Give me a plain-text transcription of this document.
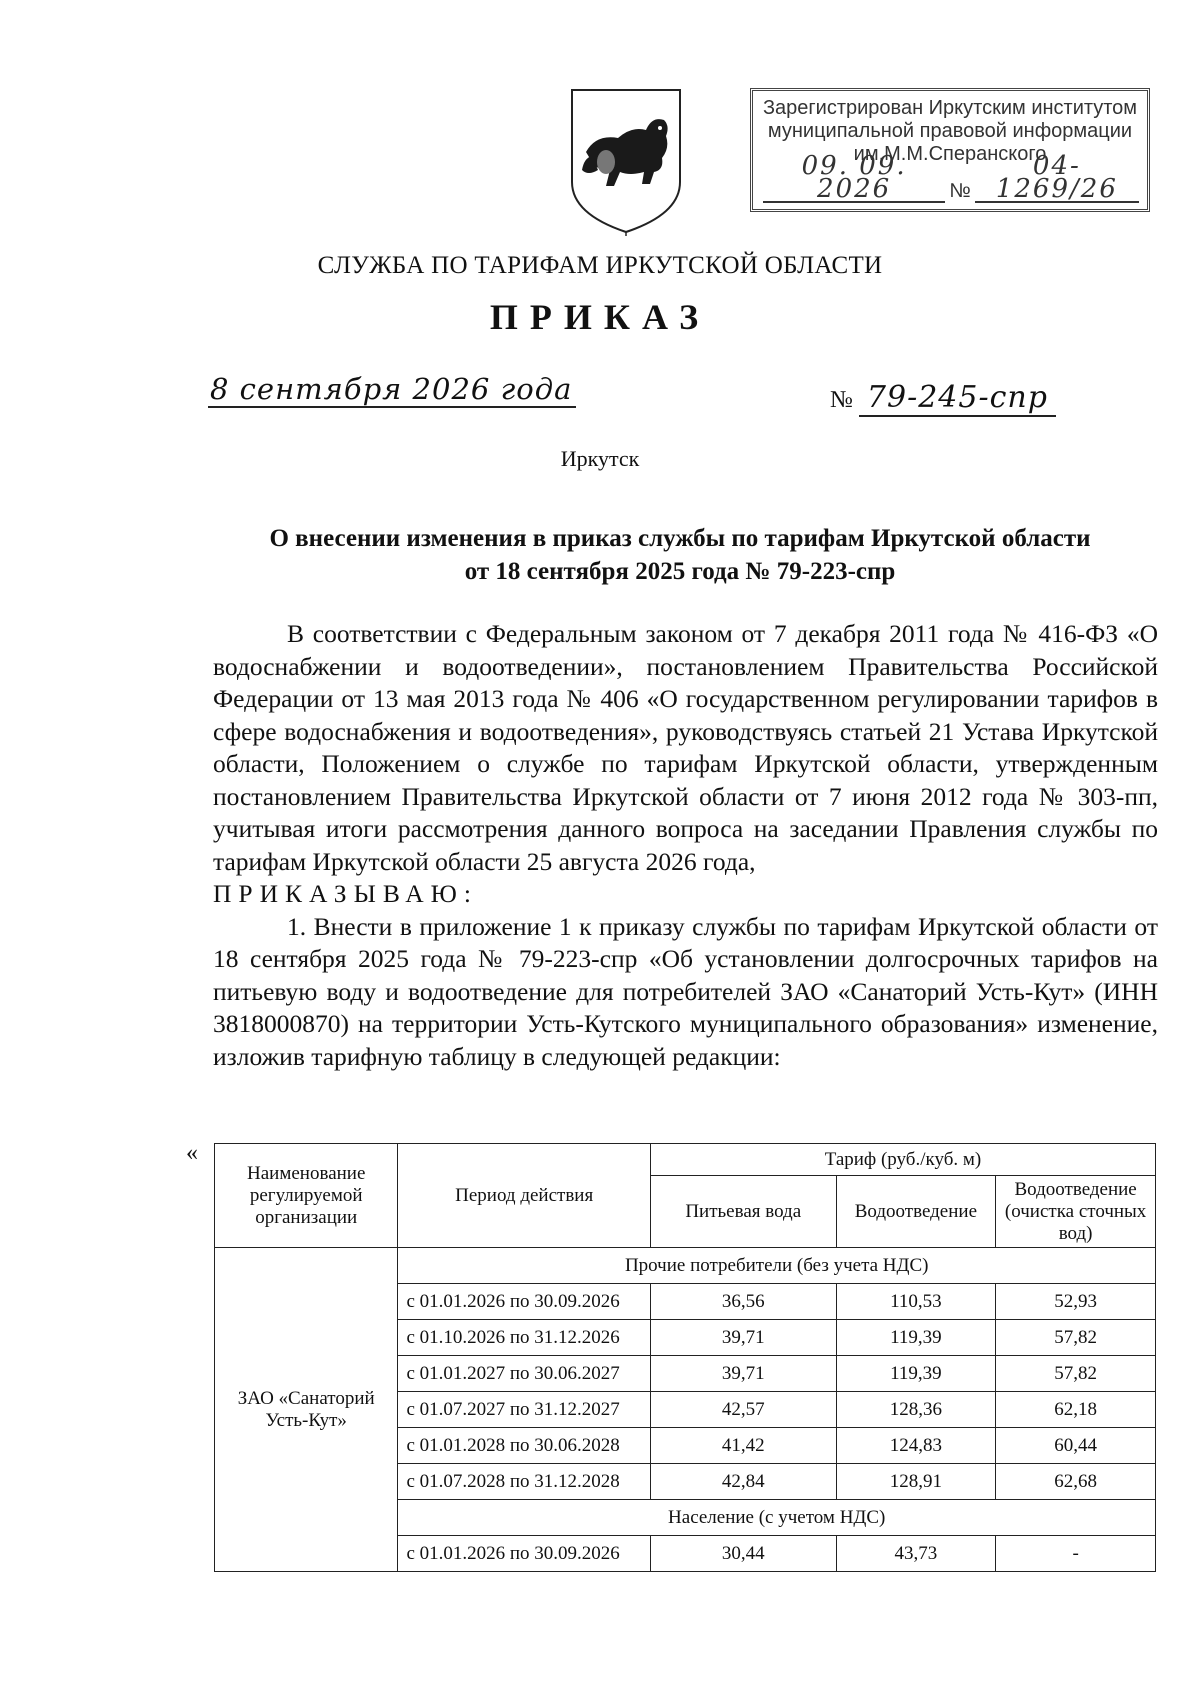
Зарегистрирован Иркутским институтом
муниципальной правовой информации
им.М.М.Сперанского
09. 09. 2026	№
04-1269/26
СЛУЖБА ПО ТАРИФАМ ИРКУТСКОЙ ОБЛАСТИ
ПРИКАЗ
8 сентября 2026 года	№ 79-245-спр
Иркутск
О внесении изменения в приказ службы по тарифам Иркутской области
от 18 сентября 2025 года № 79-223-спр

В соответствии с Федеральным законом от 7 декабря 2011 года № 416-ФЗ «О водоснабжении и водоотведении», постановлением Правительства Российской Федерации от 13 мая 2013 года № 406 «О государственном регулировании тарифов в сфере водоснабжения и водоотведения», руководствуясь статьей 21 Устава Иркутской области, Положением о службе по тарифам Иркутской области, утвержденным постановлением Правительства Иркутской области от 7 июня 2012 года № 303-пп, учитывая итоги рассмотрения данного вопроса на заседании Правления службы по тарифам Иркутской области 25 августа 2026 года,

ПРИКАЗЫВАЮ:

1. Внести в приложение 1 к приказу службы по тарифам Иркутской области от 18 сентября 2025 года № 79-223-спр «Об установлении долгосрочных тарифов на питьевую воду и водоотведение для потребителей ЗАО «Санаторий Усть-Кут» (ИНН 3818000870) на территории Усть-Кутского муниципального образования» изменение, изложив тарифную таблицу в следующей редакции:

«
Наименование регулируемой организации	Период действия	Тариф (руб./куб. м)		
		Питьевая вода	Водоотведение	Водоотведение (очистка сточных вод)
ЗАО «Санаторий Усть-Кут»	Прочие потребители (без учета НДС)			
	с 01.01.2026 по 30.09.2026	36,56	110,53	52,93
	с 01.10.2026 по 31.12.2026	39,71	119,39	57,82
	с 01.01.2027 по 30.06.2027	39,71	119,39	57,82
	с 01.07.2027 по 31.12.2027	42,57	128,36	62,18
	с 01.01.2028 по 30.06.2028	41,42	124,83	60,44
	с 01.07.2028 по 31.12.2028	42,84	128,91	62,68
	Население (с учетом НДС)			
	с 01.01.2026 по 30.09.2026	30,44	43,73	-
